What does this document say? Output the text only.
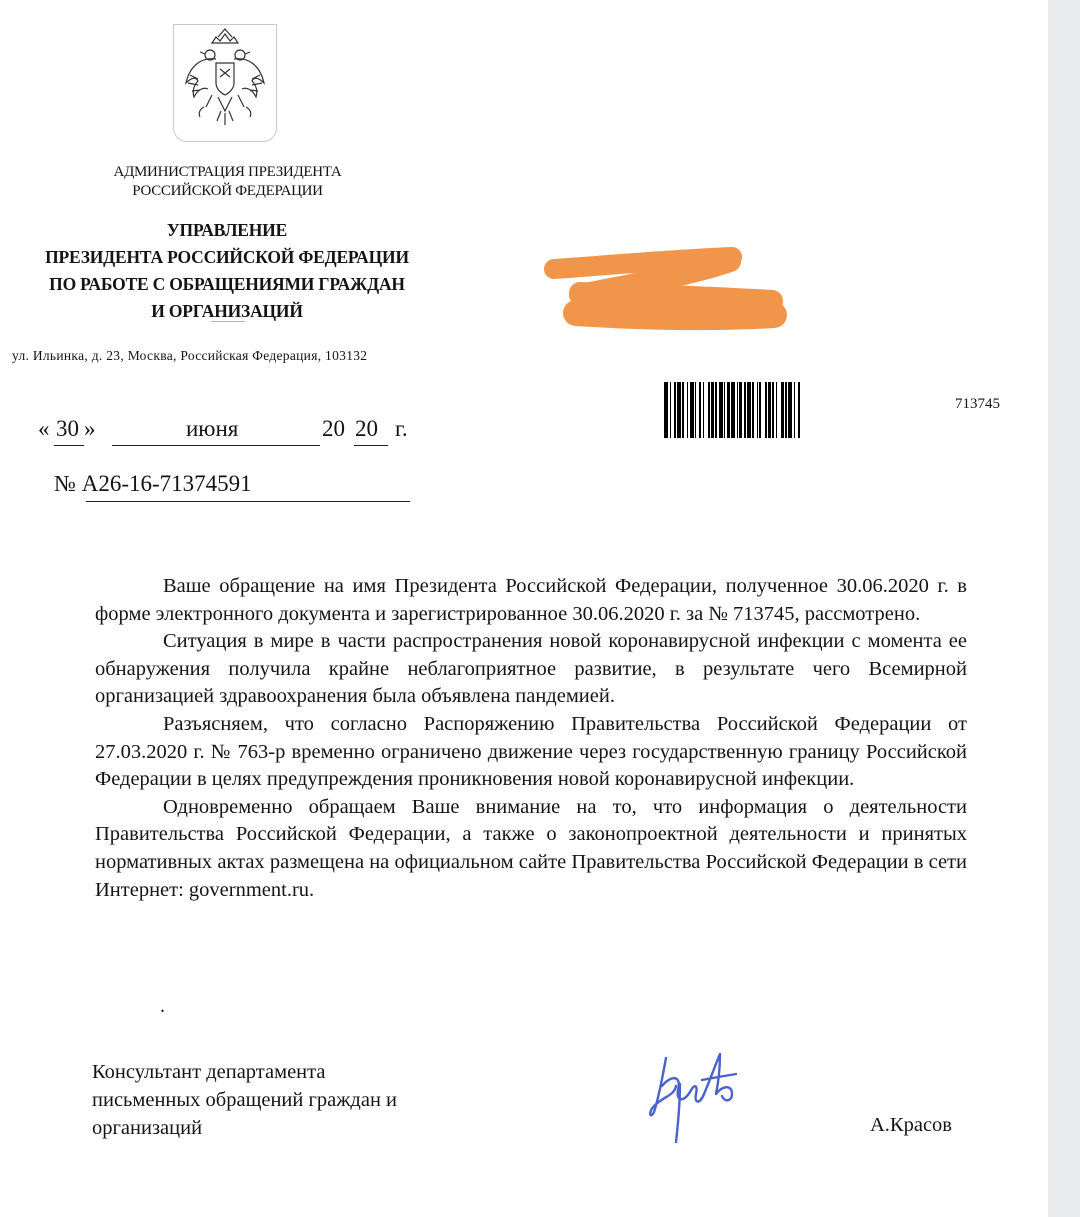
АДМИНИСТРАЦИЯ ПРЕЗИДЕНТА
РОССИЙСКОЙ ФЕДЕРАЦИИ
УПРАВЛЕНИЕ
ПРЕЗИДЕНТА РОССИЙСКОЙ ФЕДЕРАЦИИ
ПО РАБОТЕ С ОБРАЩЕНИЯМИ ГРАЖДАН
И ОРГАНИЗАЦИЙ
ул. Ильинка, д. 23, Москва, Российская Федерация, 103132
713745
« 30 »	июня	20 20 г.
№ А26-16-71374591

Ваше обращение на имя Президента Российской Федерации, полученное 30.06.2020 г. в форме электронного документа и зарегистрированное 30.06.2020 г. за № 713745, рассмотрено.

Ситуация в мире в части распространения новой коронавирусной инфекции с момента ее обнаружения получила крайне неблагоприятное развитие, в результате чего Всемирной организацией здравоохранения была объявлена пандемией.

Разъясняем, что согласно Распоряжению Правительства Российской Федерации от 27.03.2020 г. № 763-р временно ограничено движение через государственную границу Российской Федерации в целях предупреждения проникновения новой коронавирусной инфекции.

Одновременно обращаем Ваше внимание на то, что информация о деятельности Правительства Российской Федерации, а также о законопроектной деятельности и принятых нормативных актах размещена на официальном сайте Правительства Российской Федерации в сети Интернет: government.ru.

.
Консультант департамента
письменных обращений граждан и
организаций	А.Красов
